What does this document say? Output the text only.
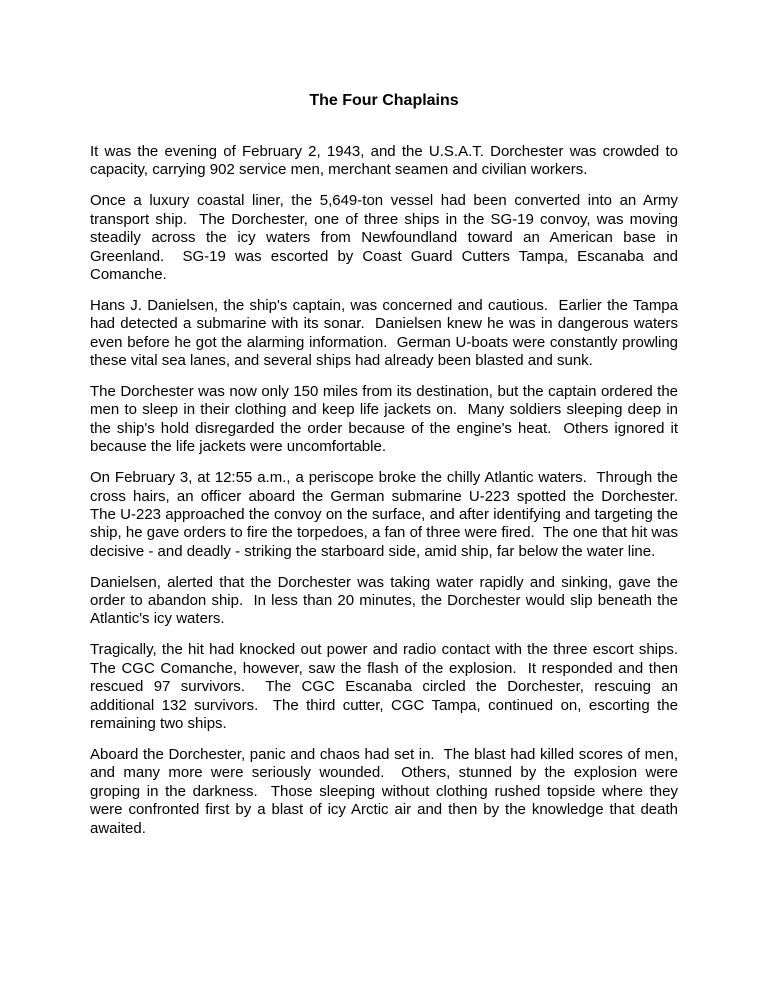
The Four Chaplains

It was the evening of February 2, 1943, and the U.S.A.T. Dorchester was crowded to capacity, carrying 902 service men, merchant seamen and civilian workers.

Once a luxury coastal liner, the 5,649-ton vessel had been converted into an Army transport ship.  The Dorchester, one of three ships in the SG-19 convoy, was moving steadily across the icy waters from Newfoundland toward an American base in Greenland.  SG-19 was escorted by Coast Guard Cutters Tampa, Escanaba and Comanche.

Hans J. Danielsen, the ship's captain, was concerned and cautious.  Earlier the Tampa had detected a submarine with its sonar.  Danielsen knew he was in dangerous waters even before he got the alarming information.  German U-boats were constantly prowling these vital sea lanes, and several ships had already been blasted and sunk.

The Dorchester was now only 150 miles from its destination, but the captain ordered the men to sleep in their clothing and keep life jackets on.  Many soldiers sleeping deep in the ship's hold disregarded the order because of the engine's heat.  Others ignored it because the life jackets were uncomfortable.

On February 3, at 12:55 a.m., a periscope broke the chilly Atlantic waters.  Through the cross hairs, an officer aboard the German submarine U-223 spotted the Dorchester.  The U-223 approached the convoy on the surface, and after identifying and targeting the ship, he gave orders to fire the torpedoes, a fan of three were fired.  The one that hit was decisive - and deadly - striking the starboard side, amid ship, far below the water line.

Danielsen, alerted that the Dorchester was taking water rapidly and sinking, gave the order to abandon ship.  In less than 20 minutes, the Dorchester would slip beneath the Atlantic's icy waters.

Tragically, the hit had knocked out power and radio contact with the three escort ships.  The CGC Comanche, however, saw the flash of the explosion.  It responded and then rescued 97 survivors.  The CGC Escanaba circled the Dorchester, rescuing an additional 132 survivors.  The third cutter, CGC Tampa, continued on, escorting the remaining two ships.

Aboard the Dorchester, panic and chaos had set in.  The blast had killed scores of men, and many more were seriously wounded.  Others, stunned by the explosion were groping in the darkness.  Those sleeping without clothing rushed topside where they were confronted first by a blast of icy Arctic air and then by the knowledge that death awaited.
